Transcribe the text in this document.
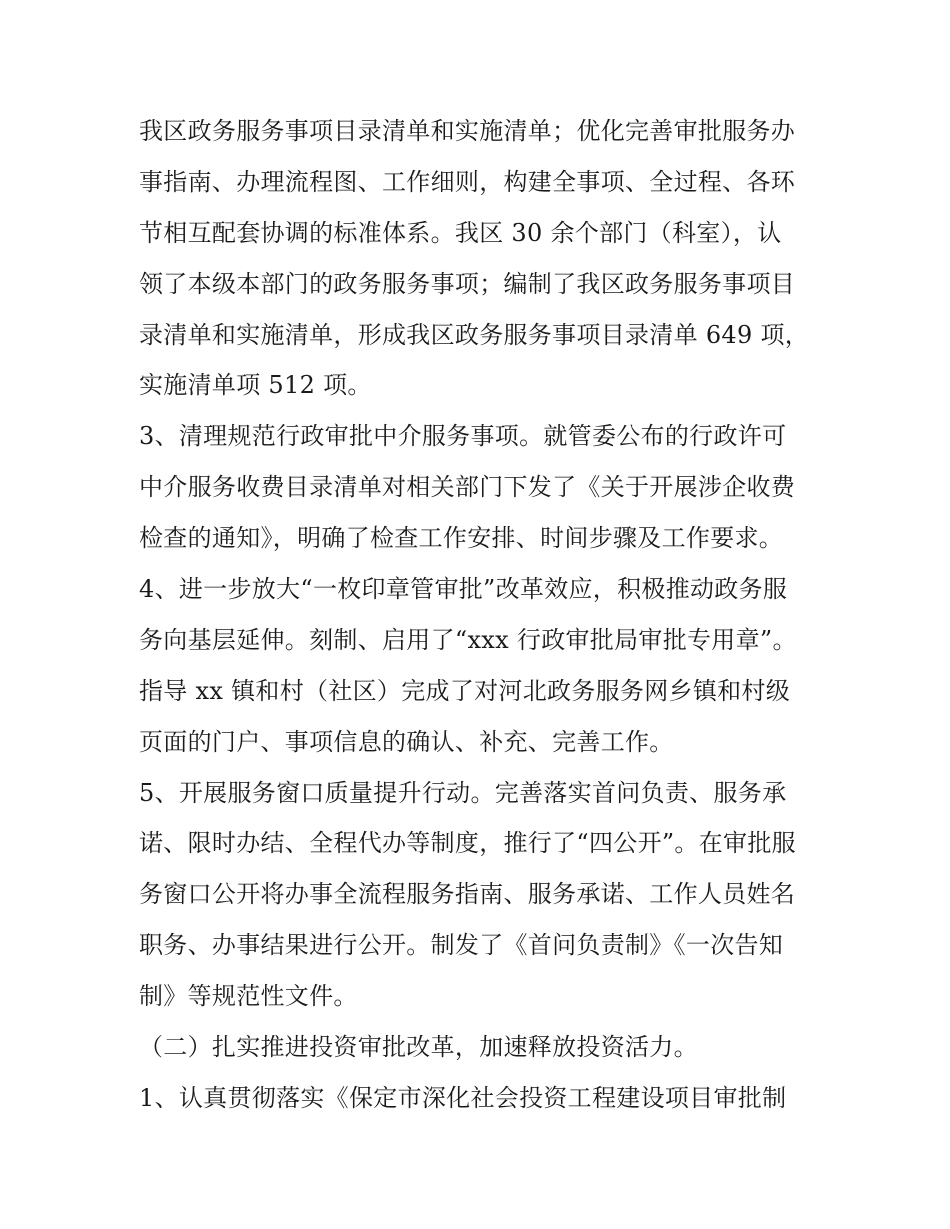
我区政务服务事项目录清单和实施清单；优化完善审批服务办
事指南、办理流程图、工作细则，构建全事项、全过程、各环
节相互配套协调的标准体系。我区 30 余个部门（科室），认
领了本级本部门的政务服务事项；编制了我区政务服务事项目
录清单和实施清单，形成我区政务服务事项目录清单 649 项，
实施清单项 512 项。
3、清理规范行政审批中介服务事项。就管委公布的行政许可
中介服务收费目录清单对相关部门下发了《关于开展涉企收费
检查的通知》，明确了检查工作安排、时间步骤及工作要求。
4、进一步放大“一枚印章管审批”改革效应，积极推动政务服
务向基层延伸。刻制、启用了“xxx 行政审批局审批专用章”。
指导 xx 镇和村（社区）完成了对河北政务服务网乡镇和村级
页面的门户、事项信息的确认、补充、完善工作。
5、开展服务窗口质量提升行动。完善落实首问负责、服务承
诺、限时办结、全程代办等制度，推行了“四公开”。在审批服
务窗口公开将办事全流程服务指南、服务承诺、工作人员姓名
职务、办事结果进行公开。制发了《首问负责制》《一次告知
制》等规范性文件。
（二）扎实推进投资审批改革，加速释放投资活力。
1、认真贯彻落实《保定市深化社会投资工程建设项目审批制
